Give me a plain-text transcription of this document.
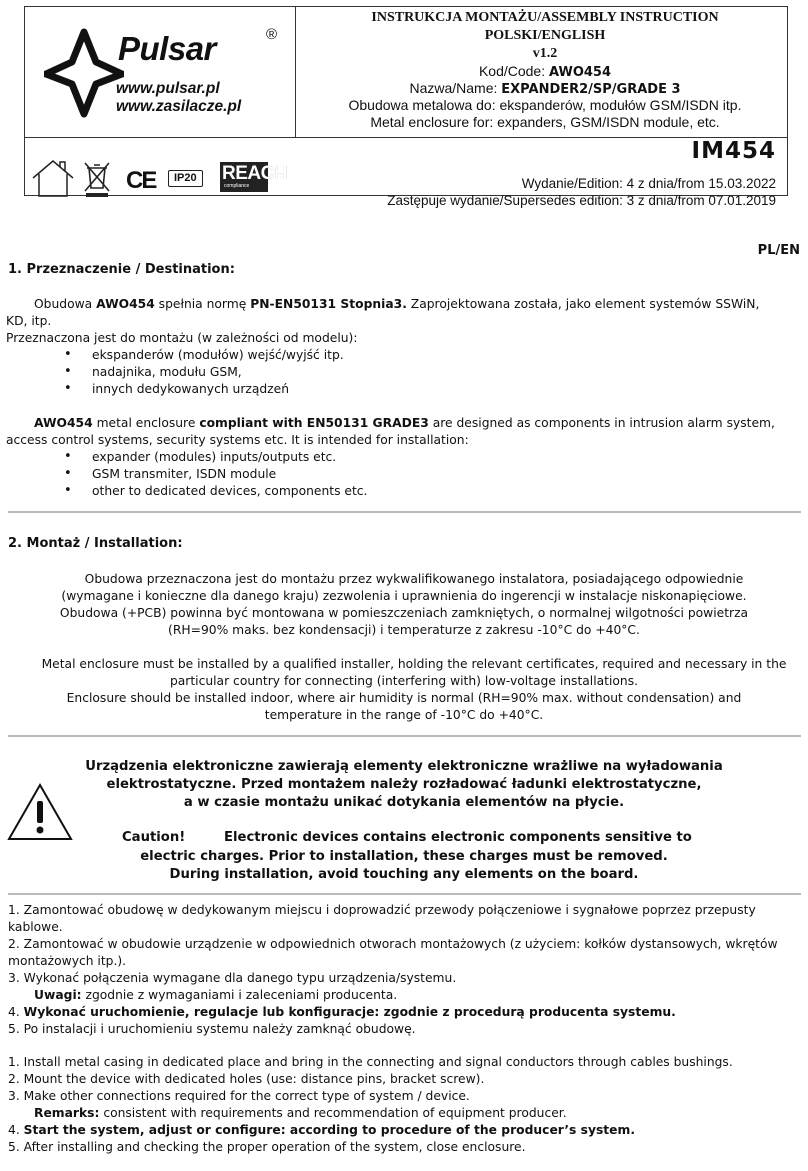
Pulsar	®
www.pulsar.pl
www.zasilacze.pl
INSTRUKCJA MONTAŻU/ASSEMBLY INSTRUCTION
POLSKI/ENGLISH
v1.2
Kod/Code: AWO454
Nazwa/Name: EXPANDER2/SP/GRADE 3
Obudowa metalowa do: ekspanderów, modułów GSM/ISDN itp.
Metal enclosure for: expanders, GSM/ISDN module, etc.
CE	IP20	REACH
compliance
IM454
Wydanie/Edition: 4 z dnia/from 15.03.2022
Zastępuje wydanie/Supersedes edition: 3 z dnia/from 07.01.2019
PL/EN
1. Przeznaczenie / Destination:
Obudowa AWO454 spełnia normę PN-EN50131 Stopnia3. Zaprojektowana została, jako element systemów SSWiN,
KD, itp.
Przeznaczona jest do montażu (w zależności od modelu):
• ekspanderów (modułów) wejść/wyjść itp.
• nadajnika, modułu GSM,
• innych dedykowanych urządzeń
AWO454 metal enclosure compliant with EN50131 GRADE3 are designed as components in intrusion alarm system,
access control systems, security systems etc. It is intended for installation:
• expander (modules) inputs/outputs etc.
• GSM transmiter, ISDN module
• other to dedicated devices, components etc.
2. Montaż / Installation:
Obudowa przeznaczona jest do montażu przez wykwalifikowanego instalatora, posiadającego odpowiednie
(wymagane i konieczne dla danego kraju) zezwolenia i uprawnienia do ingerencji w instalacje niskonapięciowe.
Obudowa (+PCB) powinna być montowana w pomieszczeniach zamkniętych, o normalnej wilgotności powietrza
(RH=90% maks. bez kondensacji) i temperaturze z zakresu -10°C do +40°C.
Metal enclosure must be installed by a qualified installer, holding the relevant certificates, required and necessary in the
particular country for connecting (interfering with) low-voltage installations.
Enclosure should be installed indoor, where air humidity is normal (RH=90% max. without condensation) and
temperature in the range of -10°C do +40°C.
Urządzenia elektroniczne zawierają elementy elektroniczne wrażliwe na wyładowania
elektrostatyczne. Przed montażem należy rozładować ładunki elektrostatyczne,
a w czasie montażu unikać dotykania elementów na płycie.
Caution!	Electronic devices contains electronic components sensitive to
electric charges. Prior to installation, these charges must be removed.
During installation, avoid touching any elements on the board.
1. Zamontować obudowę w dedykowanym miejscu i doprowadzić przewody połączeniowe i sygnałowe poprzez przepusty
kablowe.
2. Zamontować w obudowie urządzenie w odpowiednich otworach montażowych (z użyciem: kołków dystansowych, wkrętów
montażowych itp.).
3. Wykonać połączenia wymagane dla danego typu urządzenia/systemu.
Uwagi: zgodnie z wymaganiami i zaleceniami producenta.
4. Wykonać uruchomienie, regulacje lub konfiguracje: zgodnie z procedurą producenta systemu.
5. Po instalacji i uruchomieniu systemu należy zamknąć obudowę.
1. Install metal casing in dedicated place and bring in the connecting and signal conductors through cables bushings.
2. Mount the device with dedicated holes (use: distance pins, bracket screw).
3. Make other connections required for the correct type of system / device.
Remarks: consistent with requirements and recommendation of equipment producer.
4. Start the system, adjust or configure: according to procedure of the producer’s system.
5. After installing and checking the proper operation of the system, close enclosure.
